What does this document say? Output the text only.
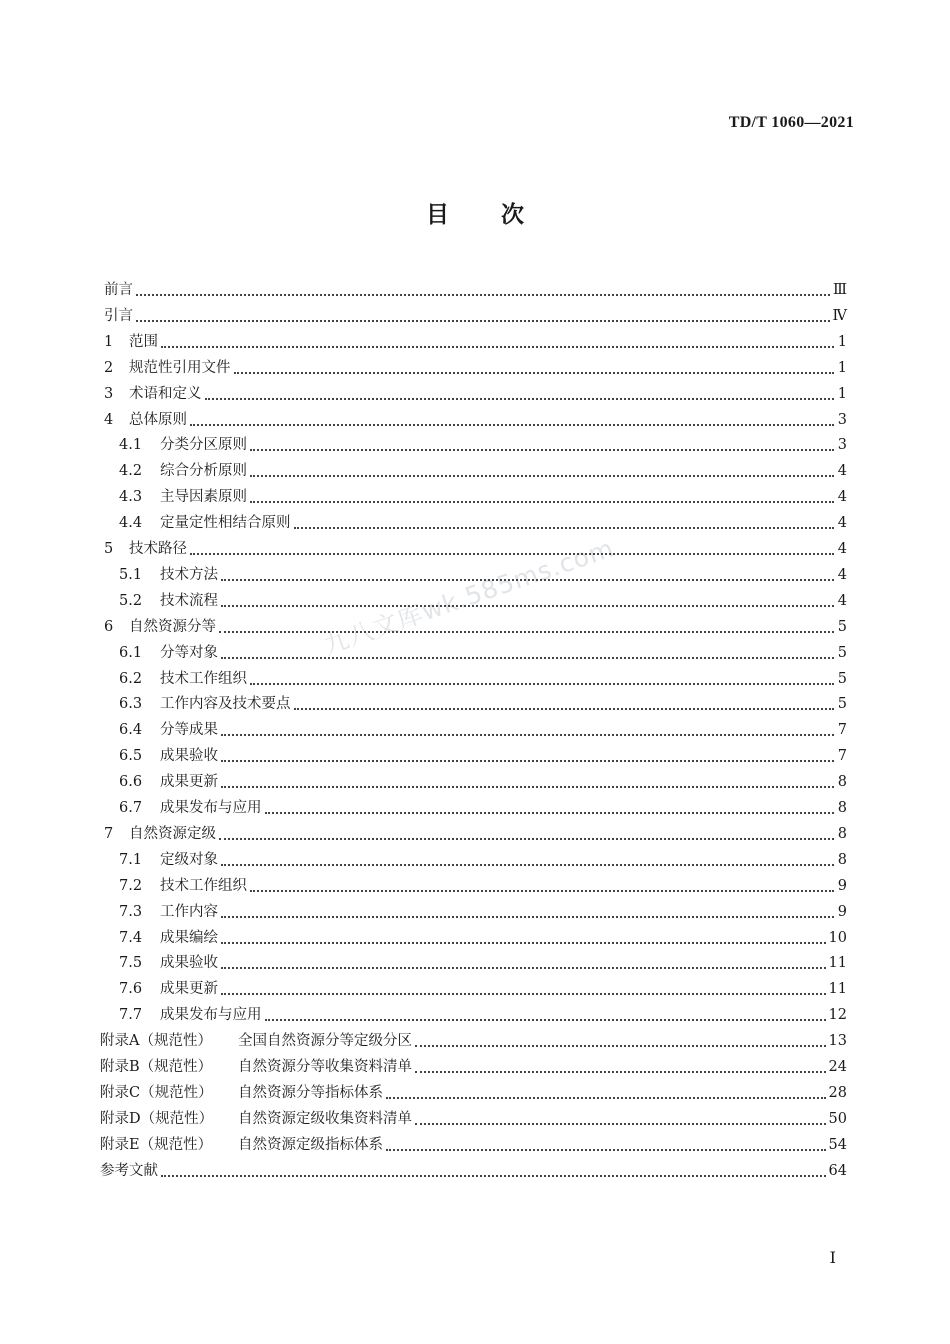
TD/T 1060—2021
目次
九八文库wk.585ms.com
前言	Ⅲ
引言	Ⅳ
1	范围	1
2	规范性引用文件	1
3	术语和定义	1
4	总体原则	3
4.1	分类分区原则	3
4.2	综合分析原则	4
4.3	主导因素原则	4
4.4	定量定性相结合原则	4
5	技术路径	4
5.1	技术方法	4
5.2	技术流程	4
6	自然资源分等	5
6.1	分等对象	5
6.2	技术工作组织	5
6.3	工作内容及技术要点	5
6.4	分等成果	7
6.5	成果验收	7
6.6	成果更新	8
6.7	成果发布与应用	8
7	自然资源定级	8
7.1	定级对象	8
7.2	技术工作组织	9
7.3	工作内容	9
7.4	成果编绘	10
7.5	成果验收	11
7.6	成果更新	11
7.7	成果发布与应用	12
附录A（规范性）	全国自然资源分等定级分区	13
附录B（规范性）	自然资源分等收集资料清单	24
附录C（规范性）	自然资源分等指标体系	28
附录D（规范性）	自然资源定级收集资料清单	50
附录E（规范性）	自然资源定级指标体系	54
参考文献	64
I
